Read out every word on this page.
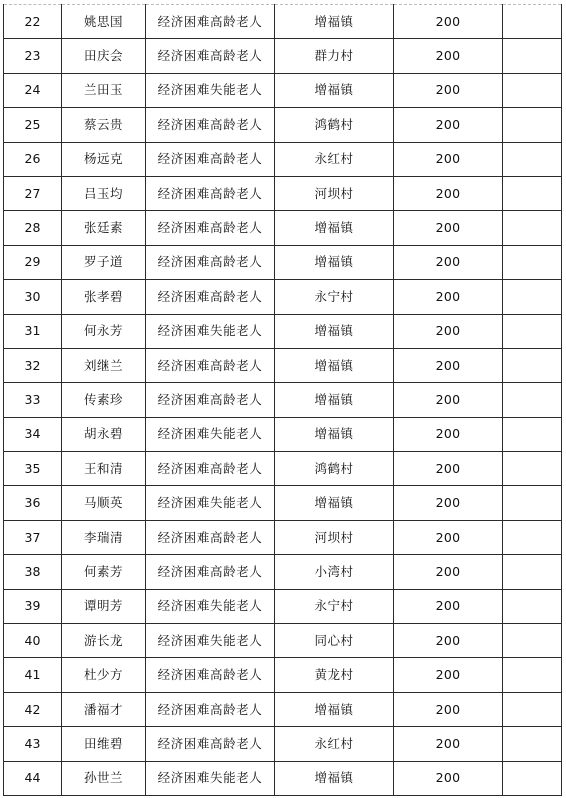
22	姚思国	经济困难高龄老人	增福镇	200	
23	田庆会	经济困难高龄老人	群力村	200	
24	兰田玉	经济困难失能老人	增福镇	200	
25	蔡云贵	经济困难高龄老人	鸿鹤村	200	
26	杨远克	经济困难高龄老人	永红村	200	
27	吕玉均	经济困难高龄老人	河坝村	200	
28	张廷素	经济困难高龄老人	增福镇	200	
29	罗子道	经济困难高龄老人	增福镇	200	
30	张孝碧	经济困难高龄老人	永宁村	200	
31	何永芳	经济困难失能老人	增福镇	200	
32	刘继兰	经济困难高龄老人	增福镇	200	
33	传素珍	经济困难高龄老人	增福镇	200	
34	胡永碧	经济困难失能老人	增福镇	200	
35	王和清	经济困难高龄老人	鸿鹤村	200	
36	马顺英	经济困难失能老人	增福镇	200	
37	李瑞清	经济困难高龄老人	河坝村	200	
38	何素芳	经济困难高龄老人	小湾村	200	
39	谭明芳	经济困难失能老人	永宁村	200	
40	游长龙	经济困难失能老人	同心村	200	
41	杜少方	经济困难高龄老人	黄龙村	200	
42	潘福才	经济困难高龄老人	增福镇	200	
43	田维碧	经济困难高龄老人	永红村	200	
44	孙世兰	经济困难失能老人	增福镇	200	
